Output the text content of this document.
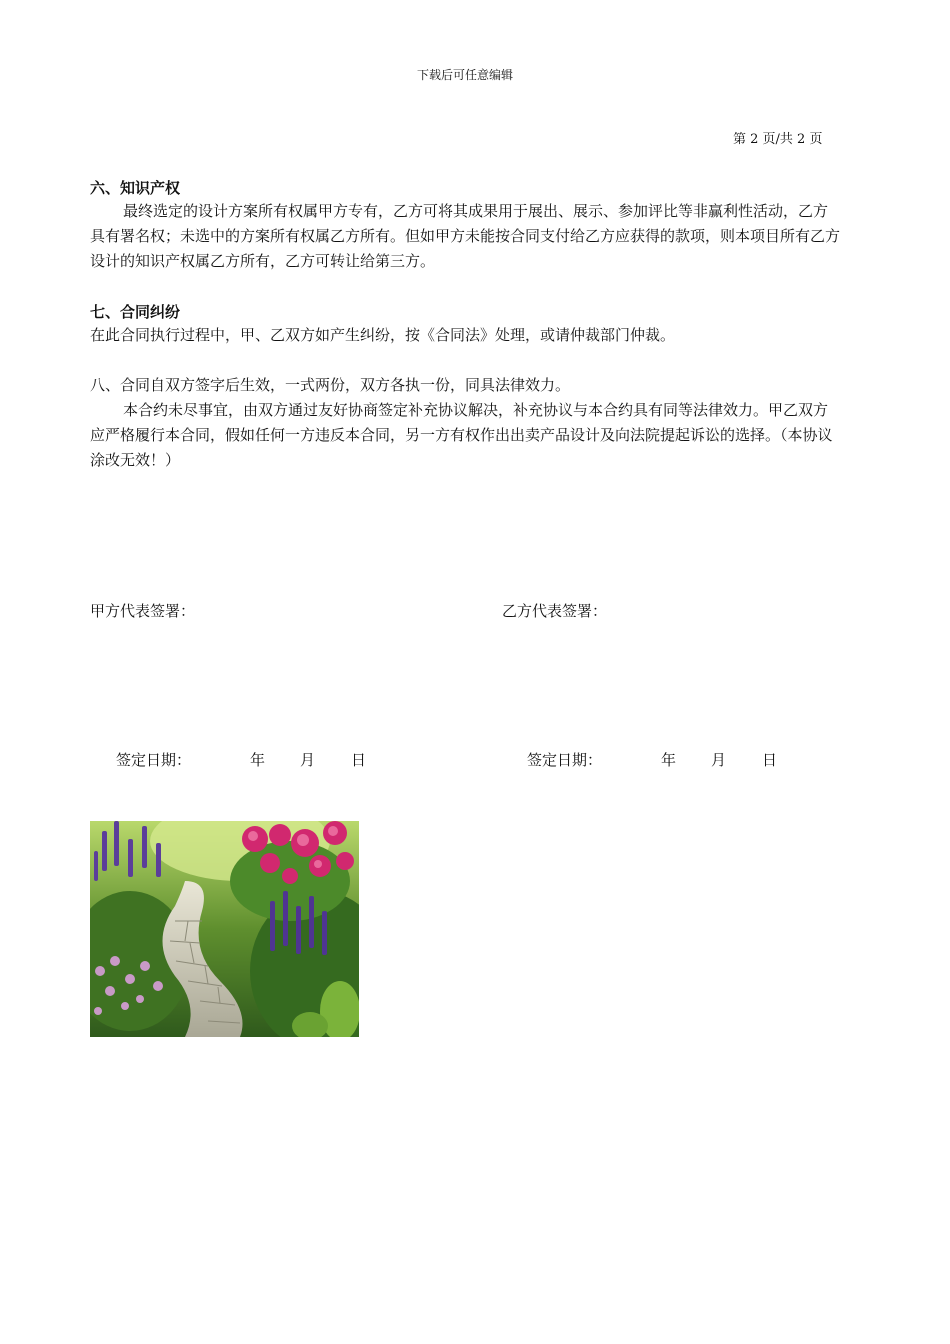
下载后可任意编辑
第 2 页/共 2 页
六、知识产权
最终选定的设计方案所有权属甲方专有，乙方可将其成果用于展出、展示、参加评比等非赢利性活动，乙方具有署名权；未选中的方案所有权属乙方所有。但如甲方未能按合同支付给乙方应获得的款项，则本项目所有乙方设计的知识产权属乙方所有，乙方可转让给第三方。
七、合同纠纷
在此合同执行过程中，甲、乙双方如产生纠纷，按《合同法》处理，或请仲裁部门仲裁。
八、合同自双方签字后生效，一式两份，双方各执一份，同具法律效力。
本合约未尽事宜，由双方通过友好协商签定补充协议解决，补充协议与本合约具有同等法律效力。甲乙双方应严格履行本合同，假如任何一方违反本合同，另一方有权作出出卖产品设计及向法院提起诉讼的选择。（本协议涂改无效！）
甲方代表签署：	乙方代表签署：
签定日期：	年 月 日	签定日期：	年 月 日
